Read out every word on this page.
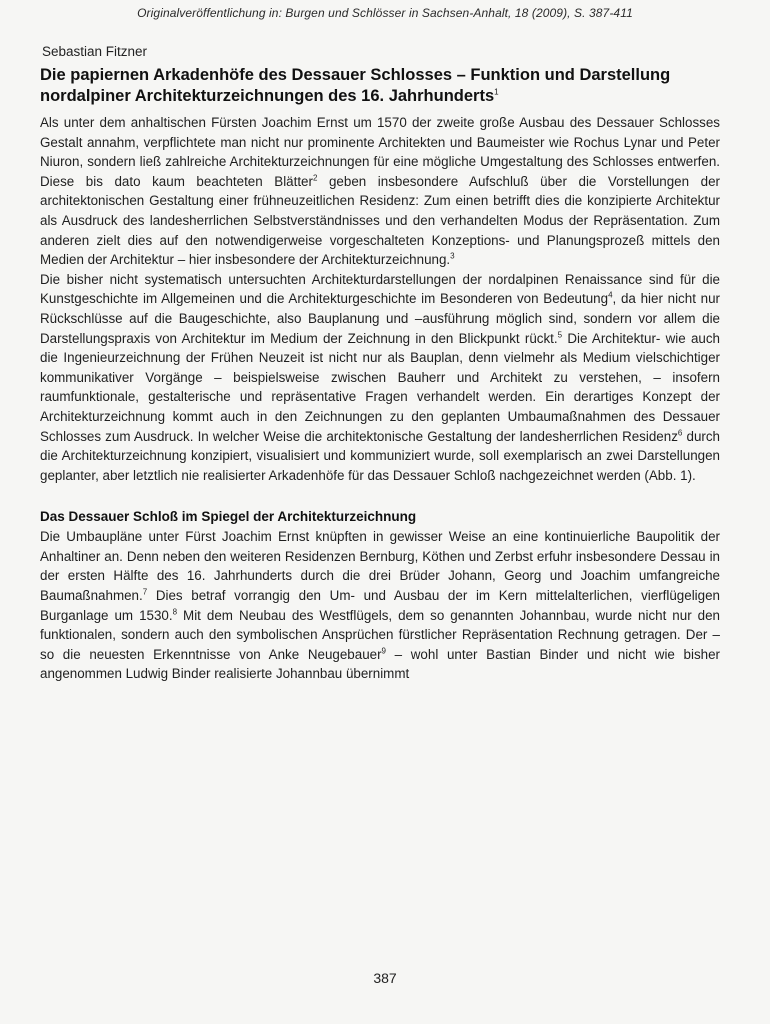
Originalveröffentlichung in: Burgen und Schlösser in Sachsen-Anhalt, 18 (2009), S. 387-411
Sebastian Fitzner
Die papiernen Arkadenhöfe des Dessauer Schlosses – Funktion und Darstellung nordalpiner Architekturzeichnungen des 16. Jahrhunderts$^1$

Als unter dem anhaltischen Fürsten Joachim Ernst um 1570 der zweite große Ausbau des Dessauer Schlosses Gestalt annahm, verpflichtete man nicht nur prominente Architekten und Baumeister wie Rochus Lynar und Peter Niuron, sondern ließ zahlreiche Architekturzeichnungen für eine mögliche Umgestaltung des Schlosses entwerfen. Diese bis dato kaum beachteten Blätter$^2$ geben insbesondere Aufschluß über die Vorstellungen der architektonischen Gestaltung einer frühneuzeitlichen Residenz: Zum einen betrifft dies die konzipierte Architektur als Ausdruck des landesherrlichen Selbstverständnisses und den verhandelten Modus der Repräsentation. Zum anderen zielt dies auf den notwendigerweise vorgeschalteten Konzeptions- und Planungsprozeß mittels den Medien der Architektur – hier insbesondere der Architekturzeichnung.$^3$

Die bisher nicht systematisch untersuchten Architekturdarstellungen der nordalpinen Renaissance sind für die Kunstgeschichte im Allgemeinen und die Architekturgeschichte im Besonderen von Bedeutung$^4$, da hier nicht nur Rückschlüsse auf die Baugeschichte, also Bauplanung und –ausführung möglich sind, sondern vor allem die Darstellungspraxis von Architektur im Medium der Zeichnung in den Blickpunkt rückt.$^5$ Die Architektur- wie auch die Ingenieurzeichnung der Frühen Neuzeit ist nicht nur als Bauplan, denn vielmehr als Medium vielschichtiger kommunikativer Vorgänge – beispielsweise zwischen Bauherr und Architekt zu verstehen, – insofern raumfunktionale, gestalterische und repräsentative Fragen verhandelt werden. Ein derartiges Konzept der Architekturzeichnung kommt auch in den Zeichnungen zu den geplanten Umbaumaßnahmen des Dessauer Schlosses zum Ausdruck. In welcher Weise die architektonische Gestaltung der landesherrlichen Residenz$^6$ durch die Architekturzeichnung konzipiert, visualisiert und kommuniziert wurde, soll exemplarisch an zwei Darstellungen geplanter, aber letztlich nie realisierter Arkadenhöfe für das Dessauer Schloß nachgezeichnet werden (Abb. 1).

Das Dessauer Schloß im Spiegel der Architekturzeichnung

Die Umbaupläne unter Fürst Joachim Ernst knüpften in gewisser Weise an eine kontinuierliche Baupolitik der Anhaltiner an. Denn neben den weiteren Residenzen Bernburg, Köthen und Zerbst erfuhr insbesondere Dessau in der ersten Hälfte des 16. Jahrhunderts durch die drei Brüder Johann, Georg und Joachim umfangreiche Baumaßnahmen.$^7$ Dies betraf vorrangig den Um- und Ausbau der im Kern mittelalterlichen, vierflügeligen Burganlage um 1530.$^8$ Mit dem Neubau des Westflügels, dem so genannten Johannbau, wurde nicht nur den funktionalen, sondern auch den symbolischen Ansprüchen fürstlicher Repräsentation Rechnung getragen. Der – so die neuesten Erkenntnisse von Anke Neugebauer$^9$ – wohl unter Bastian Binder und nicht wie bisher angenommen Ludwig Binder realisierte Johannbau übernimmt

387
